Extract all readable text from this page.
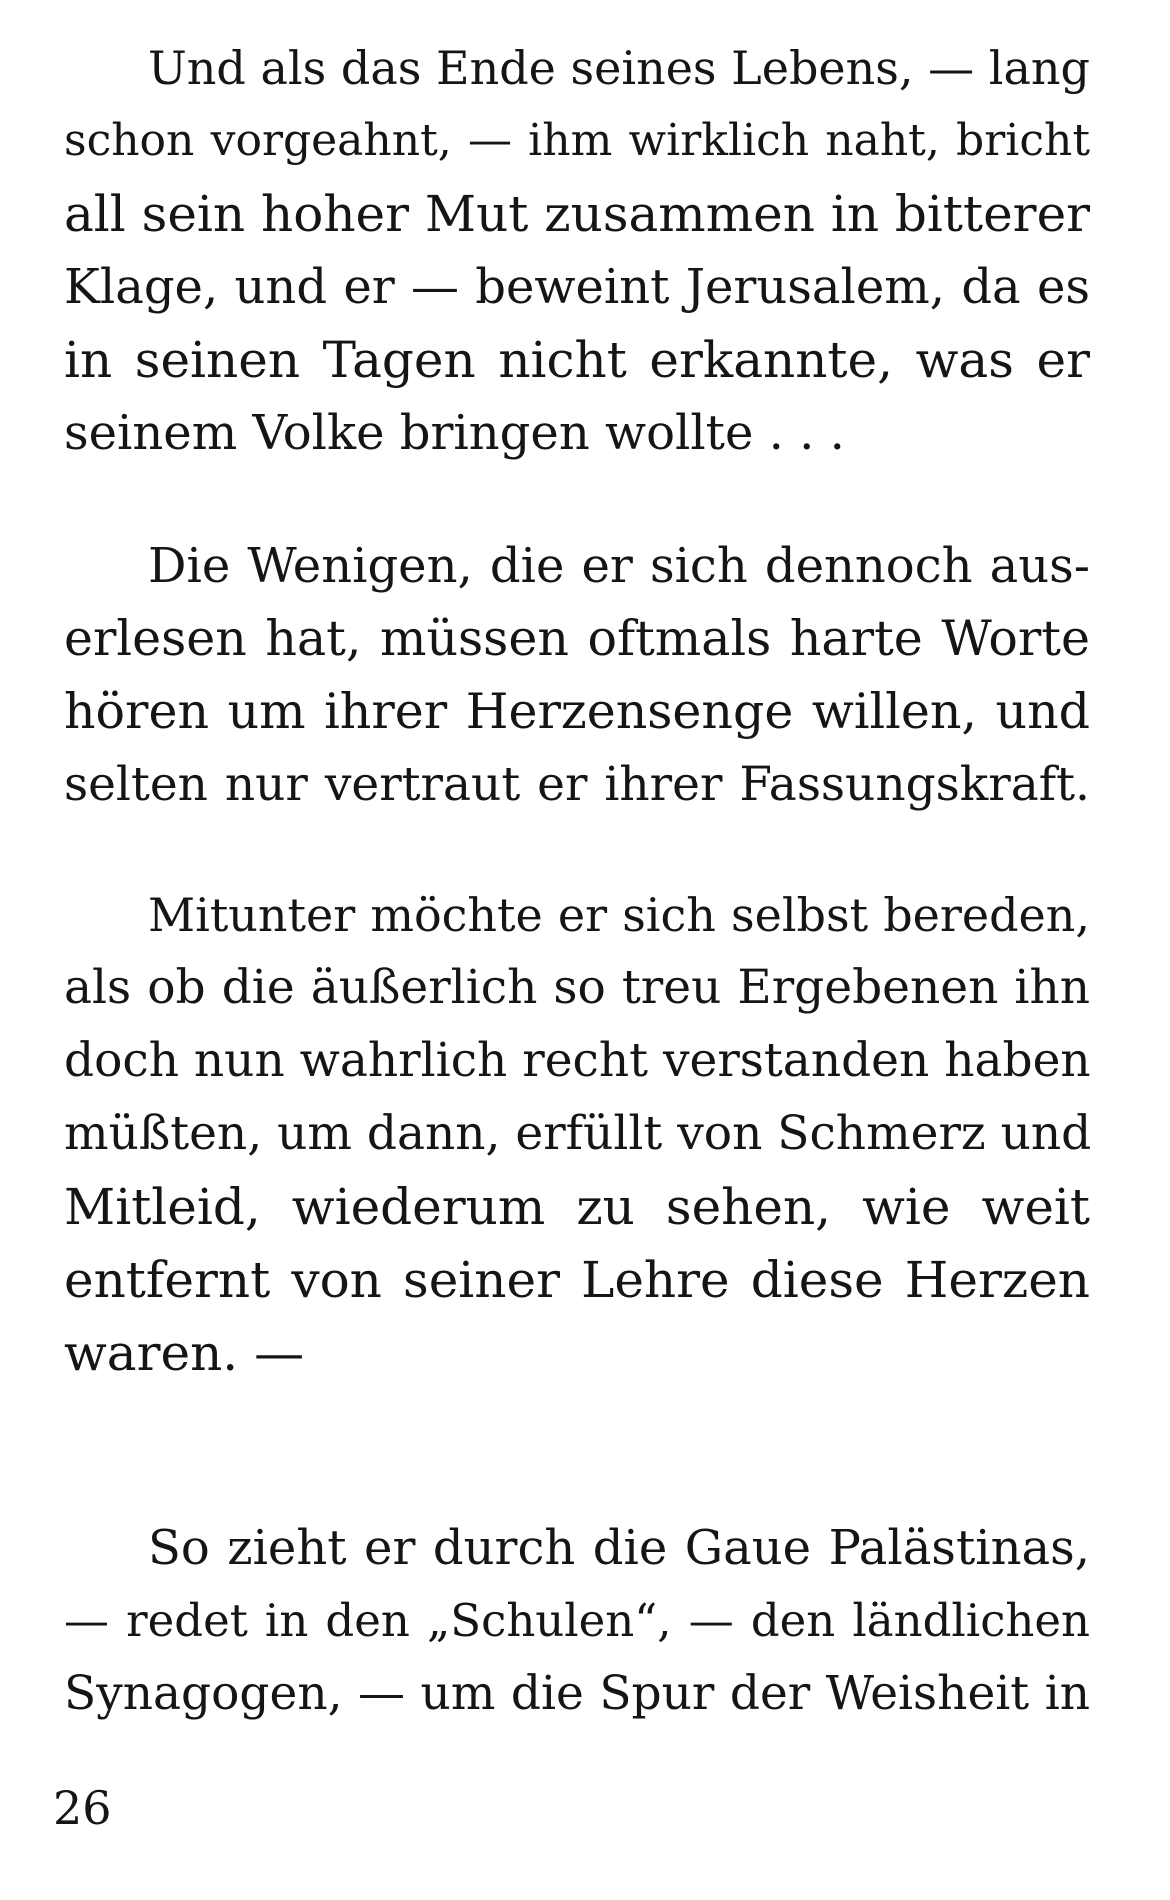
Und als das Ende seines Lebens, — lang
schon vorgeahnt, — ihm wirklich naht, bricht
all sein hoher Mut zusammen in bitterer
Klage, und er — beweint Jerusalem, da es
in seinen Tagen nicht erkannte, was er
seinem Volke bringen wollte . . .
Die Wenigen, die er sich dennoch aus-
erlesen hat, müssen oftmals harte Worte
hören um ihrer Herzensenge willen, und
selten nur vertraut er ihrer Fassungskraft.
Mitunter möchte er sich selbst bereden,
als ob die äußerlich so treu Ergebenen ihn
doch nun wahrlich recht verstanden haben
müßten, um dann, erfüllt von Schmerz und
Mitleid, wiederum zu sehen, wie weit
entfernt von seiner Lehre diese Herzen
waren. —
So zieht er durch die Gaue Palästinas,
— redet in den „Schulen“, — den ländlichen
Synagogen, — um die Spur der Weisheit in
26
